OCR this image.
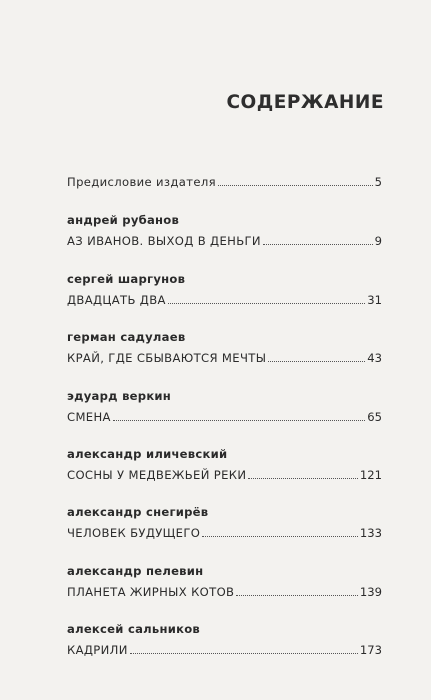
СОДЕРЖАНИЕ
Предисловие издателя	5
андрей рубанов
АЗ ИВАНОВ. ВЫХОД В ДЕНЬГИ	9
сергей шаргунов
ДВАДЦАТЬ ДВА	31
герман садулаев
КРАЙ, ГДЕ СБЫВАЮТСЯ МЕЧТЫ	43
эдуард веркин
СМЕНА	65
александр иличевский
СОСНЫ У МЕДВЕЖЬЕЙ РЕКИ	121
александр снегирёв
ЧЕЛОВЕК БУДУЩЕГО	133
александр пелевин
ПЛАНЕТА ЖИРНЫХ КОТОВ	139
алексей сальников
КАДРИЛИ	173
